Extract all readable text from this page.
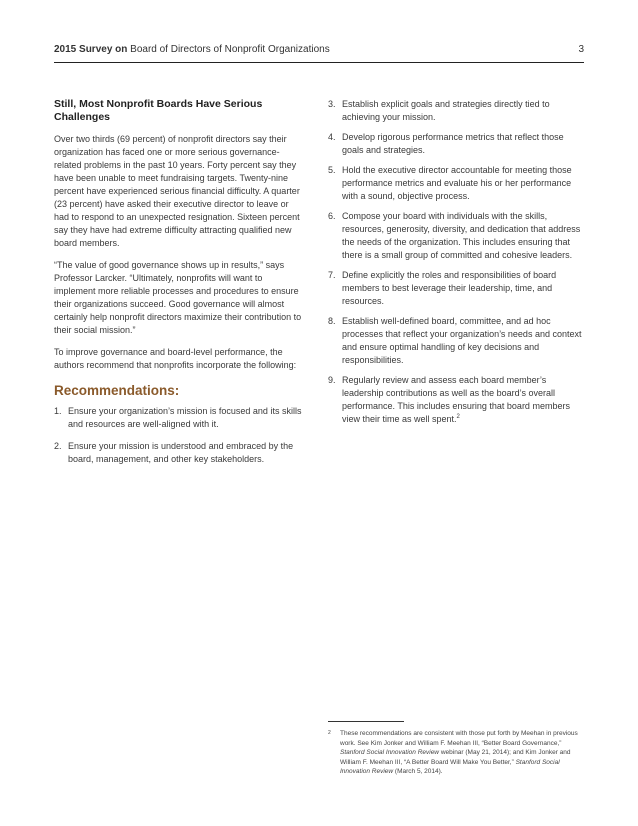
2015 Survey on Board of Directors of Nonprofit Organizations	3
Still, Most Nonprofit Boards Have Serious Challenges

Over two thirds (69 percent) of nonprofit directors say their organization has faced one or more serious governance-related problems in the past 10 years. Forty percent say they have been unable to meet fundraising targets. Twenty-nine percent have experienced serious financial difficulty. A quarter (23 percent) have asked their executive director to leave or had to respond to an unexpected resignation. Sixteen percent say they have had extreme difficulty attracting qualified new board members.

“The value of good governance shows up in results,” says Professor Larcker. “Ultimately, nonprofits will want to implement more reliable processes and procedures to ensure their organizations succeed. Good governance will almost certainly help nonprofit directors maximize their contribution to their social mission.”

To improve governance and board-level performance, the authors recommend that nonprofits incorporate the following:

Recommendations:
1. Ensure your organization’s mission is focused and its skills and resources are well-aligned with it.
2. Ensure your mission is understood and embraced by the board, management, and other key stakeholders.
3. Establish explicit goals and strategies directly tied to achieving your mission.
4. Develop rigorous performance metrics that reflect those goals and strategies.
5. Hold the executive director accountable for meeting those performance metrics and evaluate his or her performance with a sound, objective process.
6. Compose your board with individuals with the skills, resources, generosity, diversity, and dedication that address the needs of the organization. This includes ensuring that there is a small group of committed and cohesive leaders.
7. Define explicitly the roles and responsibilities of board members to best leverage their leadership, time, and resources.
8. Establish well-defined board, committee, and ad hoc processes that reflect your organization’s needs and context and ensure optimal handling of key decisions and responsibilities.
9. Regularly review and assess each board member’s leadership contributions as well as the board’s overall performance. This includes ensuring that board members view their time as well spent.$^2$
2	These recommendations are consistent with those put forth by Meehan in previous work. See Kim Jonker and William F. Meehan III, “Better Board Governance,” Stanford Social Innovation Review webinar (May 21, 2014); and Kim Jonker and William F. Meehan III, “A Better Board Will Make You Better,” Stanford Social Innovation Review (March 5, 2014).
